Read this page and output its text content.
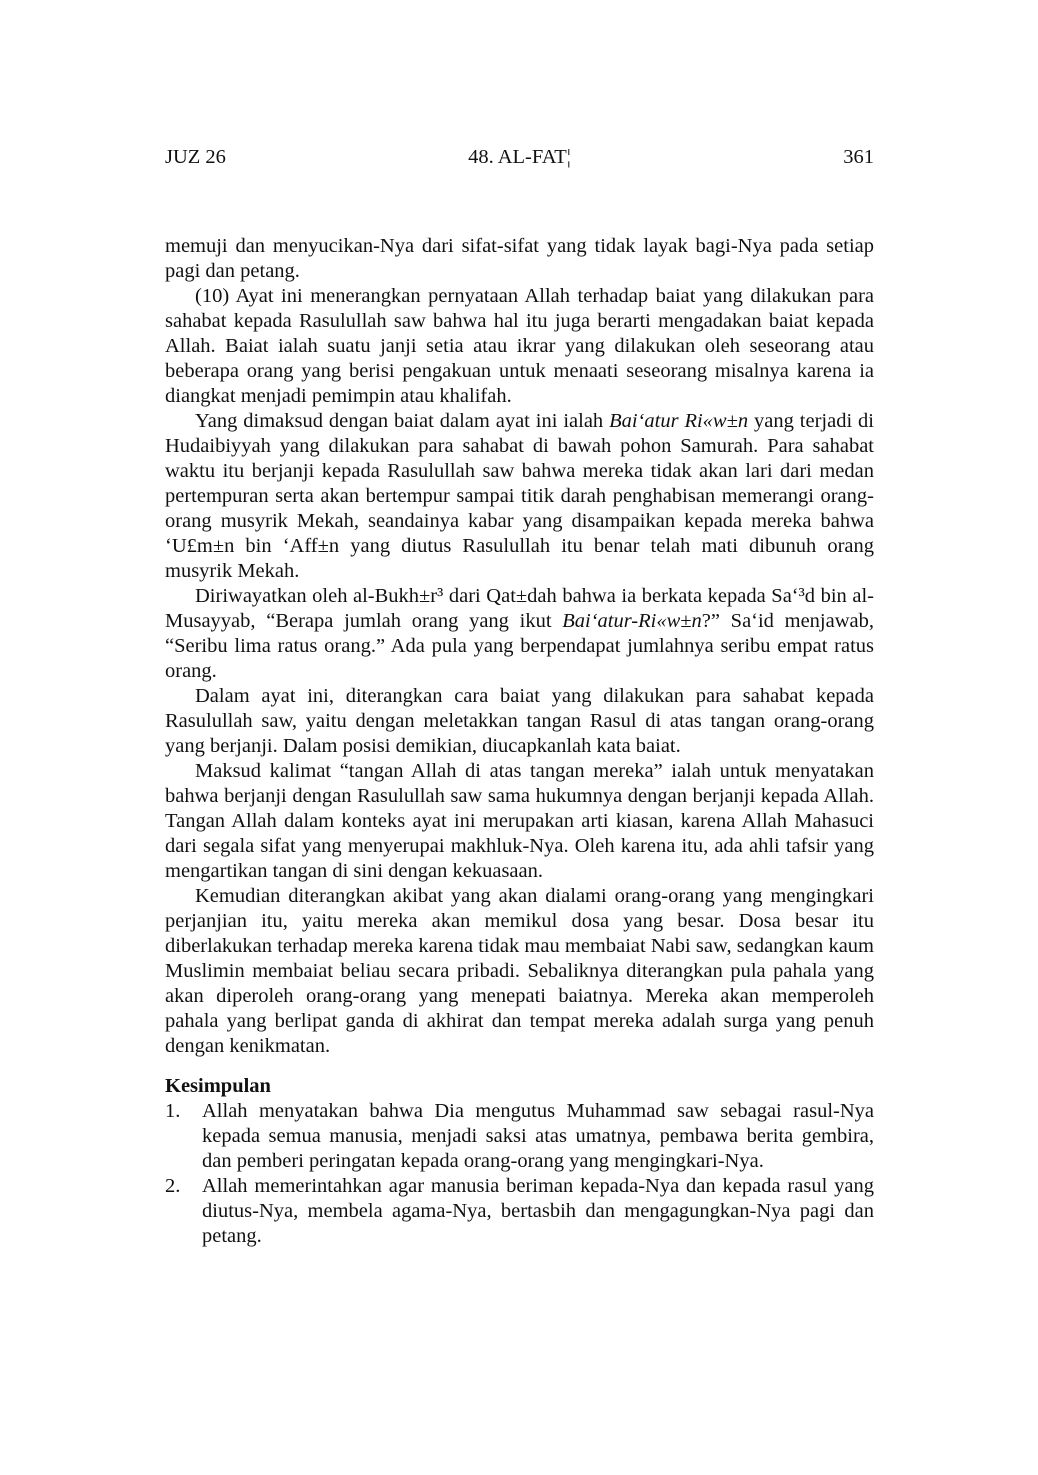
JUZ 26	48. AL-FAT¦	361

memuji dan menyucikan-Nya dari sifat-sifat yang tidak layak bagi-Nya pada setiap pagi dan petang.

(10) Ayat ini menerangkan pernyataan Allah terhadap baiat yang dilakukan para sahabat kepada Rasulullah saw bahwa hal itu juga berarti mengadakan baiat kepada Allah. Baiat ialah suatu janji setia atau ikrar yang dilakukan oleh seseorang atau beberapa orang yang berisi pengakuan untuk menaati seseorang misalnya karena ia diangkat menjadi pemimpin atau khalifah.

Yang dimaksud dengan baiat dalam ayat ini ialah Bai‘atur Ri«w±n yang terjadi di Hudaibiyyah yang dilakukan para sahabat di bawah pohon Samurah. Para sahabat waktu itu berjanji kepada Rasulullah saw bahwa mereka tidak akan lari dari medan pertempuran serta akan bertempur sampai titik darah penghabisan memerangi orang-orang musyrik Mekah, seandainya kabar yang disampaikan kepada mereka bahwa ‘U£m±n bin ‘Aff±n yang diutus Rasulullah itu benar telah mati dibunuh orang musyrik Mekah.

Diriwayatkan oleh al-Bukh±r³ dari Qat±dah bahwa ia berkata kepada Sa‘³d bin al-Musayyab, “Berapa jumlah orang yang ikut Bai‘atur-Ri«w±n?” Sa‘id menjawab, “Seribu lima ratus orang.” Ada pula yang berpendapat jumlahnya seribu empat ratus orang.

Dalam ayat ini, diterangkan cara baiat yang dilakukan para sahabat kepada Rasulullah saw, yaitu dengan meletakkan tangan Rasul di atas tangan orang-orang yang berjanji. Dalam posisi demikian, diucapkanlah kata baiat.

Maksud kalimat “tangan Allah di atas tangan mereka” ialah untuk menyatakan bahwa berjanji dengan Rasulullah saw sama hukumnya dengan berjanji kepada Allah. Tangan Allah dalam konteks ayat ini merupakan arti kiasan, karena Allah Mahasuci dari segala sifat yang menyerupai makhluk-Nya. Oleh karena itu, ada ahli tafsir yang mengartikan tangan di sini dengan kekuasaan.

Kemudian diterangkan akibat yang akan dialami orang-orang yang mengingkari perjanjian itu, yaitu mereka akan memikul dosa yang besar. Dosa besar itu diberlakukan terhadap mereka karena tidak mau membaiat Nabi saw, sedangkan kaum Muslimin membaiat beliau secara pribadi. Sebaliknya diterangkan pula pahala yang akan diperoleh orang-orang yang menepati baiatnya. Mereka akan memperoleh pahala yang berlipat ganda di akhirat dan tempat mereka adalah surga yang penuh dengan kenikmatan.

Kesimpulan
1. Allah menyatakan bahwa Dia mengutus Muhammad saw sebagai rasul-Nya kepada semua manusia, menjadi saksi atas umatnya, pembawa berita gembira, dan pemberi peringatan kepada orang-orang yang mengingkari-Nya.
2. Allah memerintahkan agar manusia beriman kepada-Nya dan kepada rasul yang diutus-Nya, membela agama-Nya, bertasbih dan mengagungkan-Nya pagi dan petang.
